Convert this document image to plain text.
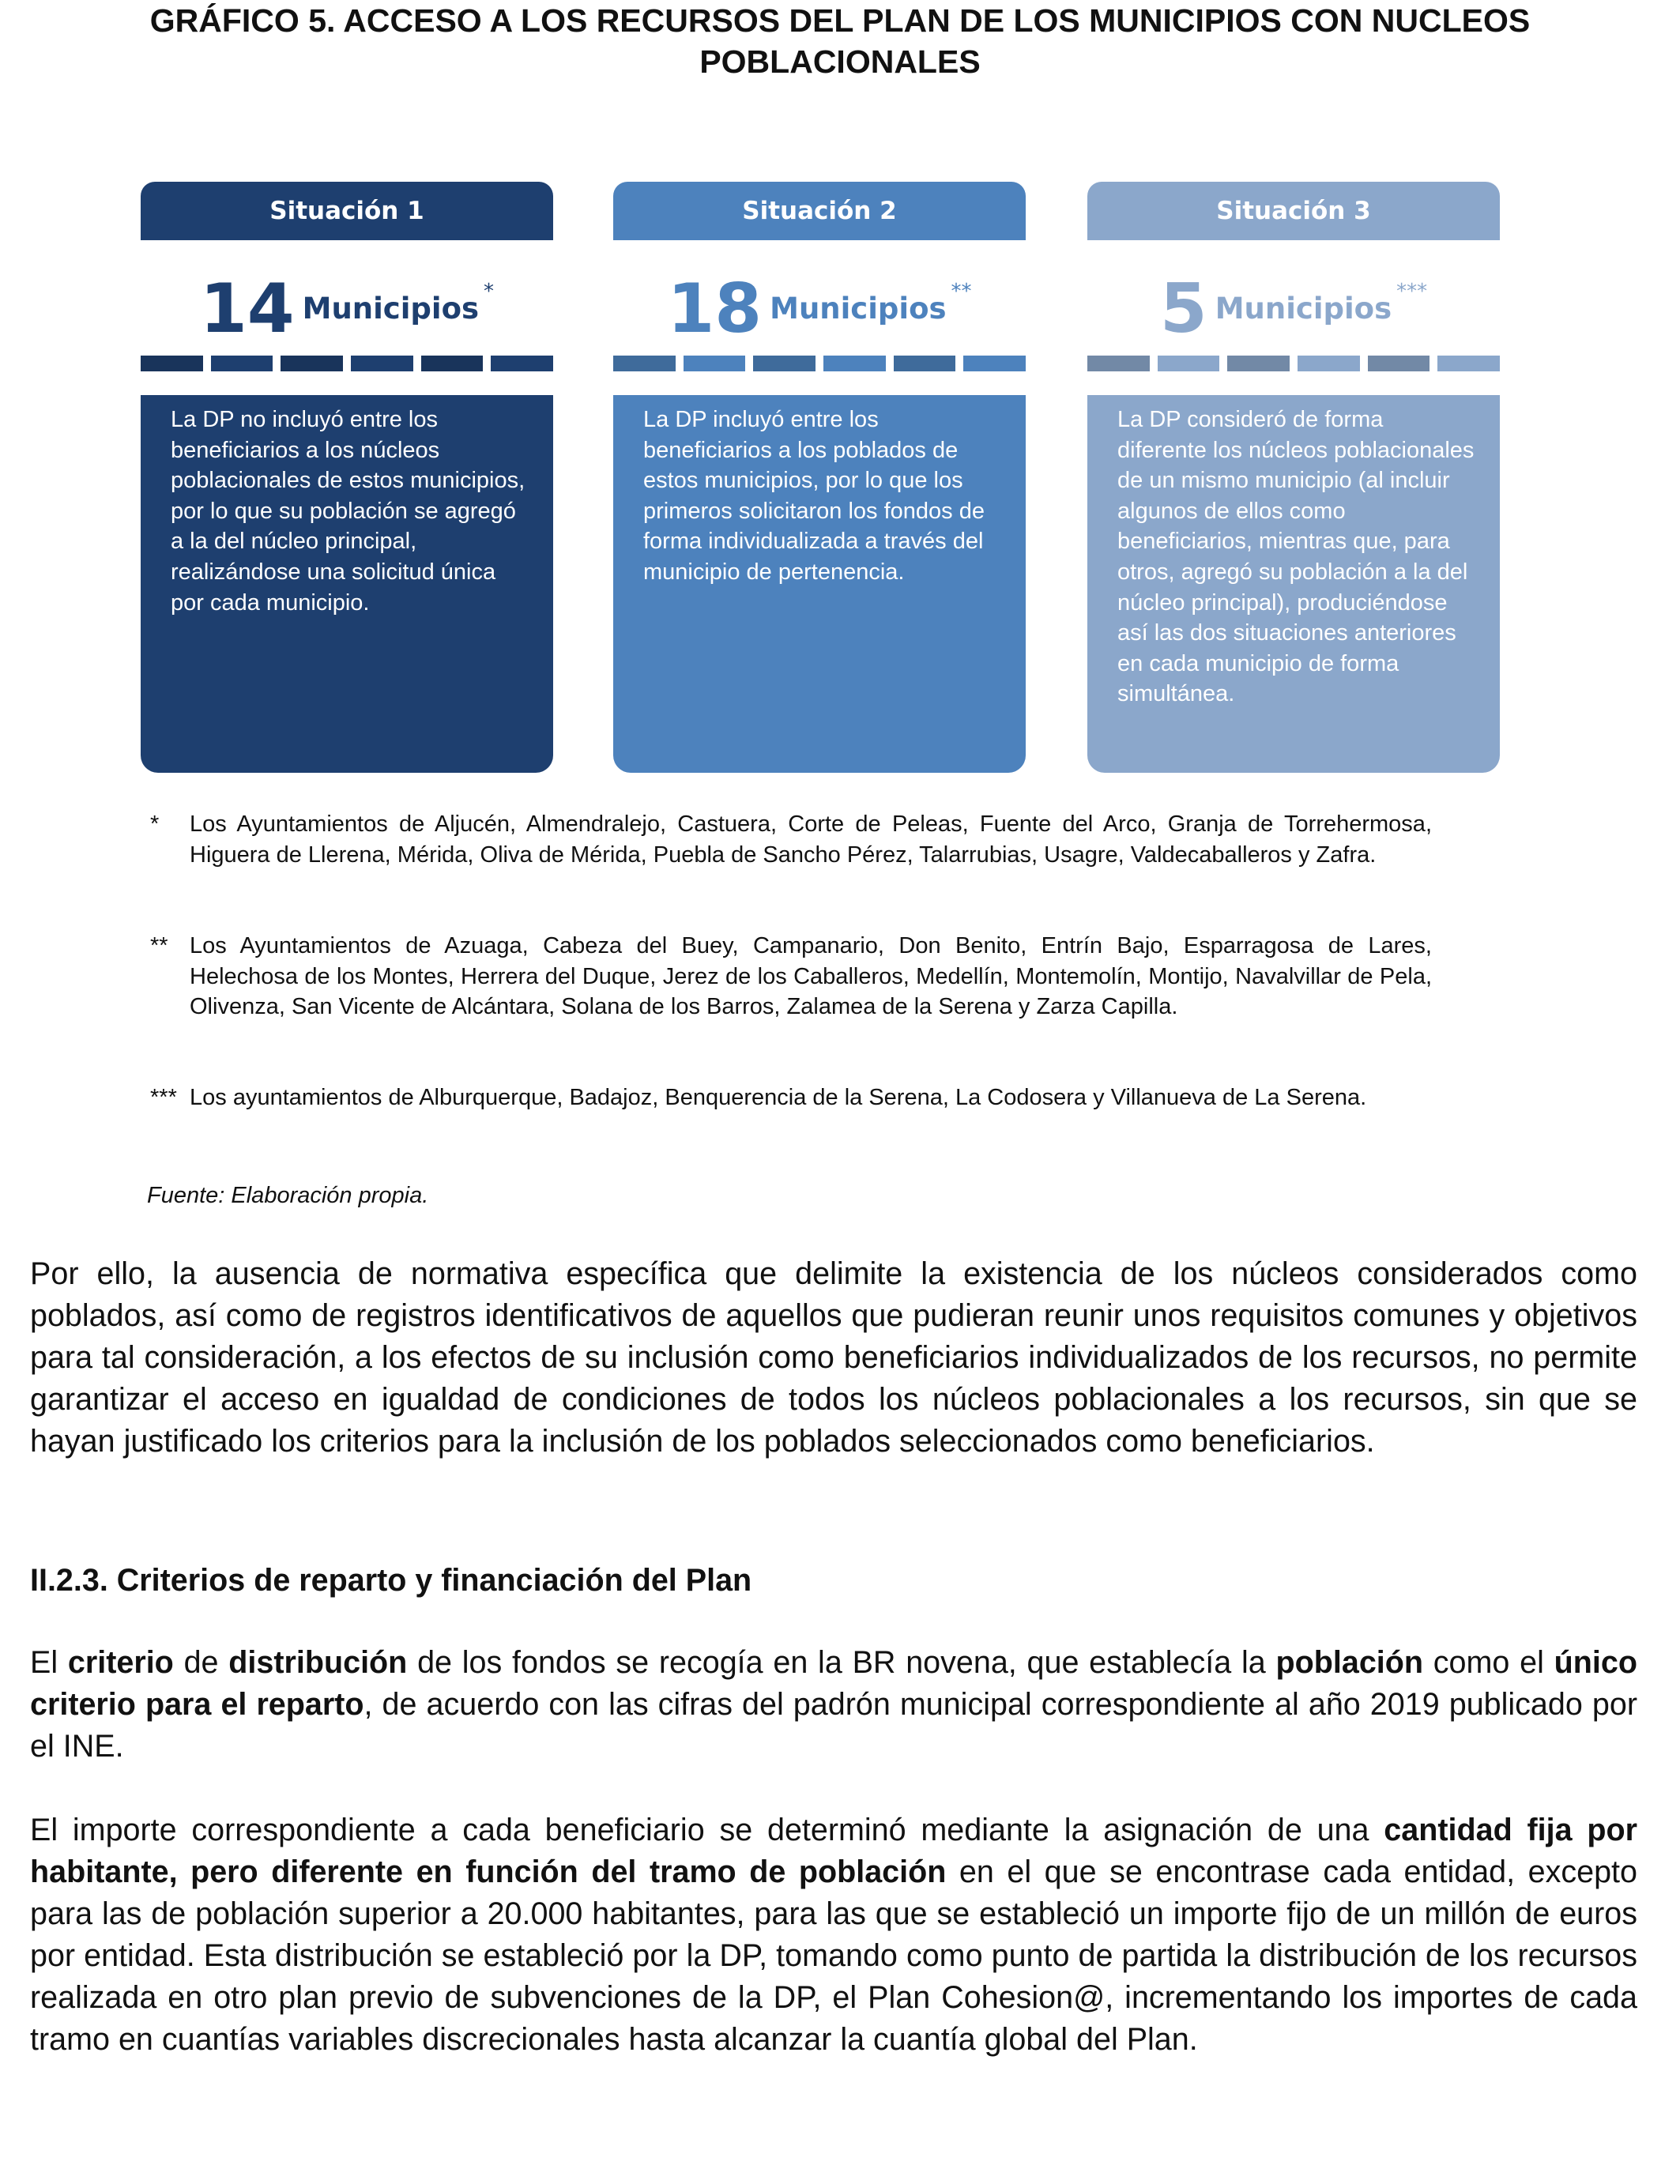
GRÁFICO 5. ACCESO A LOS RECURSOS DEL PLAN DE LOS MUNICIPIOS CON NUCLEOS POBLACIONALES
Situación 1
14 Municipios *
La DP no incluyó entre los beneficiarios a los núcleos poblacionales de estos municipios, por lo que su población se agregó a la del núcleo principal, realizándose una solicitud única por cada municipio.
Situación 2
18 Municipios **
La DP incluyó entre los beneficiarios a los poblados de estos municipios, por lo que los primeros solicitaron los fondos de forma individualizada a través del municipio de pertenencia.
Situación 3
5 Municipios ***
La DP consideró de forma diferente los núcleos poblacionales de un mismo municipio (al incluir algunos de ellos como beneficiarios, mientras que, para otros, agregó su población a la del núcleo principal), produciéndose así las dos situaciones anteriores en cada municipio de forma simultánea.
*	Los Ayuntamientos de Aljucén, Almendralejo, Castuera, Corte de Peleas, Fuente del Arco, Granja de Torrehermosa, Higuera de Llerena, Mérida, Oliva de Mérida, Puebla de Sancho Pérez, Talarrubias, Usagre, Valdecaballeros y Zafra.
** Los Ayuntamientos de Azuaga, Cabeza del Buey, Campanario, Don Benito, Entrín Bajo, Esparragosa de Lares, Helechosa de los Montes, Herrera del Duque, Jerez de los Caballeros, Medellín, Montemolín, Montijo, Navalvillar de Pela, Olivenza, San Vicente de Alcántara, Solana de los Barros, Zalamea de la Serena y Zarza Capilla.
*** Los ayuntamientos de Alburquerque, Badajoz, Benquerencia de la Serena, La Codosera y Villanueva de La Serena.
Fuente: Elaboración propia.

Por ello, la ausencia de normativa específica que delimite la existencia de los núcleos considerados como poblados, así como de registros identificativos de aquellos que pudieran reunir unos requisitos comunes y objetivos para tal consideración, a los efectos de su inclusión como beneficiarios individualizados de los recursos, no permite garantizar el acceso en igualdad de condiciones de todos los núcleos poblacionales a los recursos, sin que se hayan justificado los criterios para la inclusión de los poblados seleccionados como beneficiarios.

II.2.3. Criterios de reparto y financiación del Plan

El criterio de distribución de los fondos se recogía en la BR novena, que establecía la población como el único criterio para el reparto, de acuerdo con las cifras del padrón municipal correspondiente al año 2019 publicado por el INE.

El importe correspondiente a cada beneficiario se determinó mediante la asignación de una cantidad fija por habitante, pero diferente en función del tramo de población en el que se encontrase cada entidad, excepto para las de población superior a 20.000 habitantes, para las que se estableció un importe fijo de un millón de euros por entidad. Esta distribución se estableció por la DP, tomando como punto de partida la distribución de los recursos realizada en otro plan previo de subvenciones de la DP, el Plan Cohesion@, incrementando los importes de cada tramo en cuantías variables discrecionales hasta alcanzar la cuantía global del Plan.
